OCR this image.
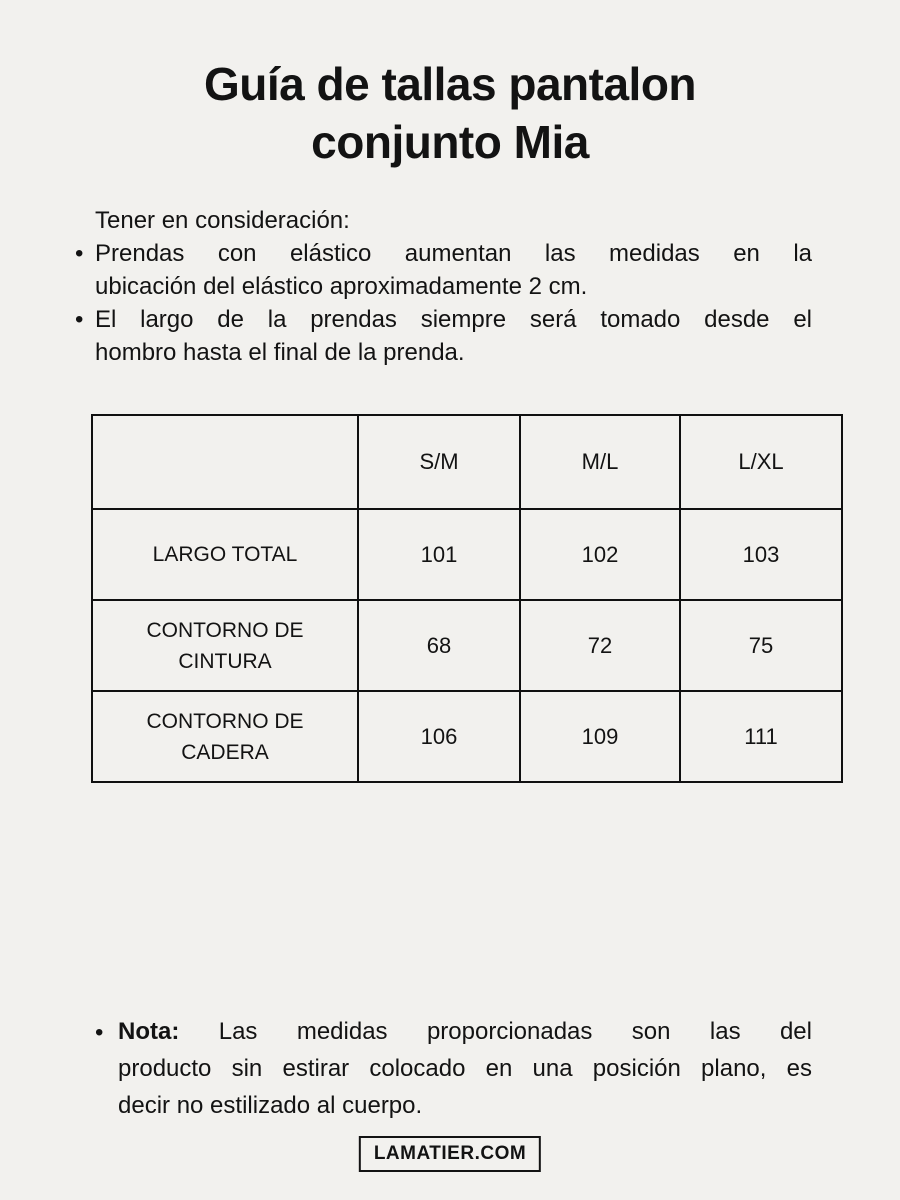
Guía de tallas pantalon
conjunto Mia
Tener en consideración:
• Prendas con elástico aumentan las medidas en la
ubicación del elástico aproximadamente 2 cm.
• El largo de la prendas siempre será tomado desde el
hombro hasta el final de la prenda.
	S/M	M/L	L/XL
LARGO TOTAL	101	102	103
CONTORNO DE CINTURA	68	72	75
CONTORNO DE CADERA	106	109	111
• Nota: Las medidas proporcionadas son las del
producto sin estirar colocado en una posición plano, es
decir no estilizado al cuerpo.
LAMATIER.COM
